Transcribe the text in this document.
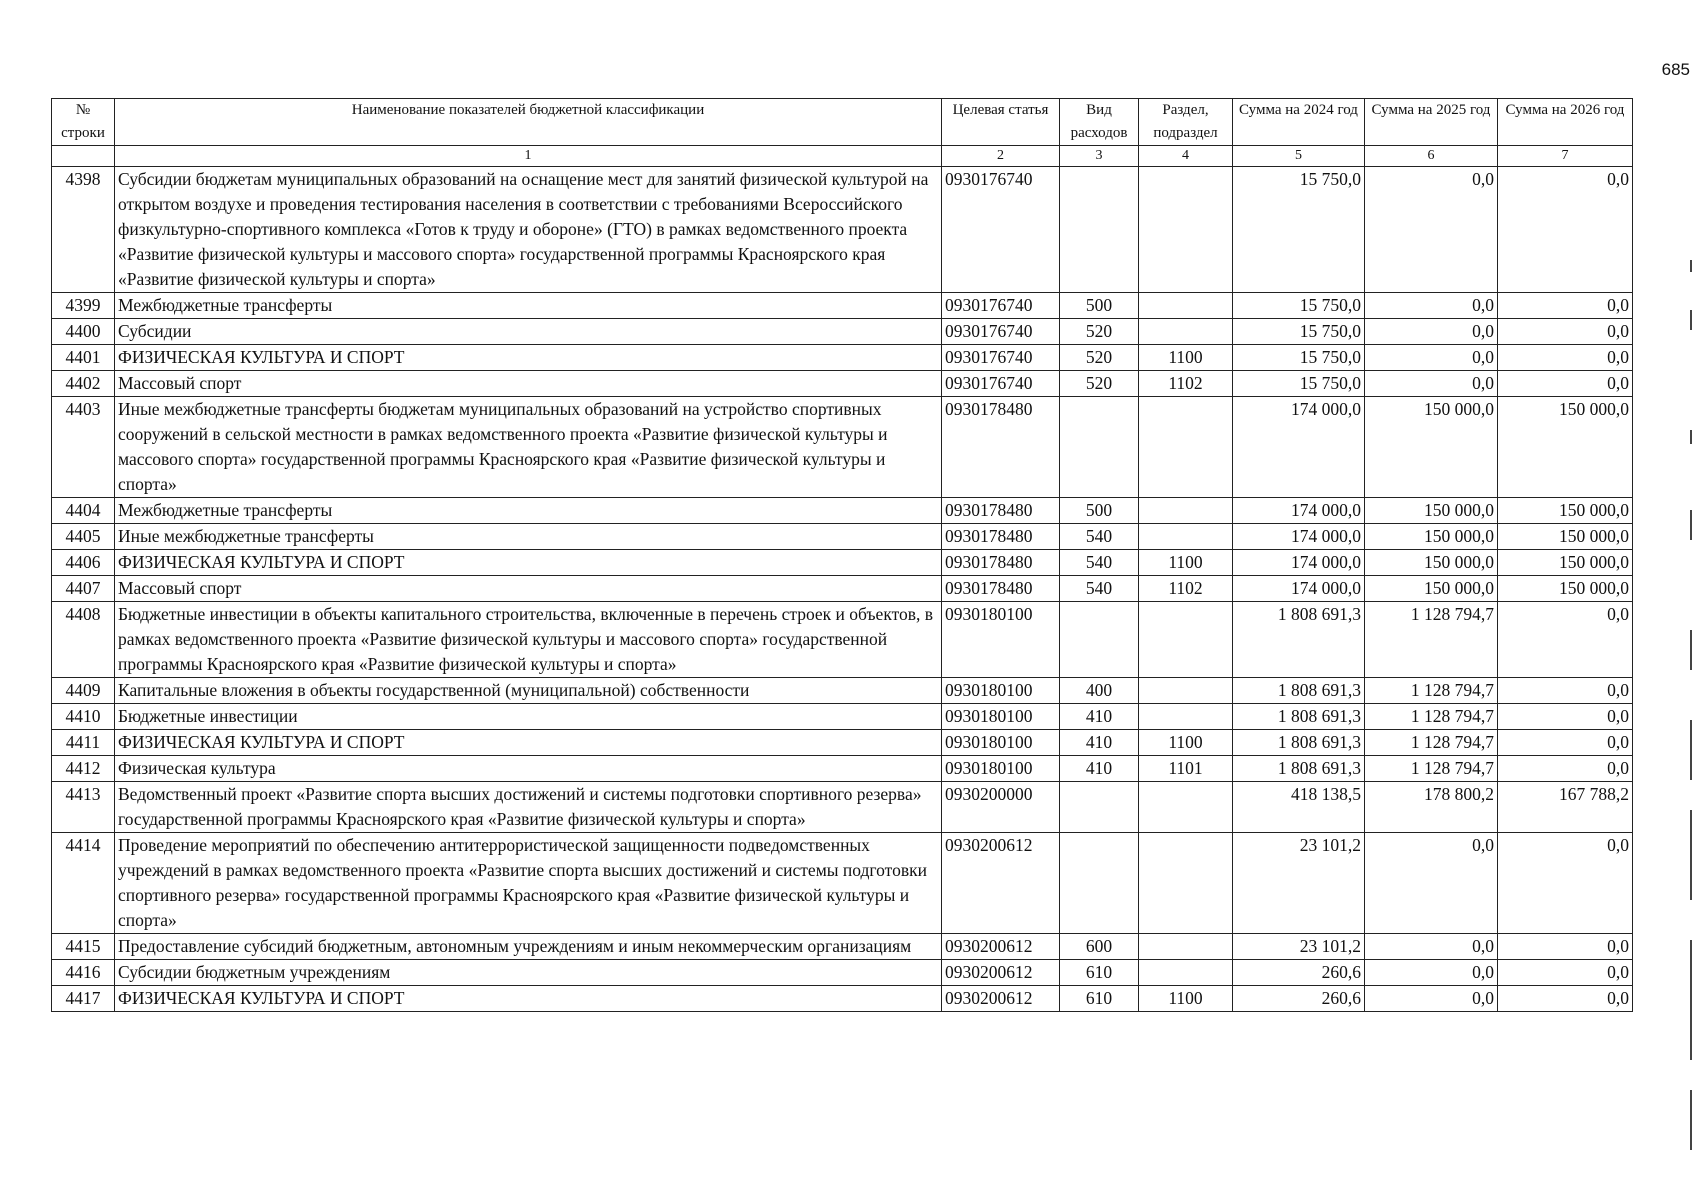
685
№ строки	Наименование показателей бюджетной классификации	Целевая статья	Вид расходов	Раздел, подраздел	Сумма на 2024 год	Сумма на 2025 год	Сумма на 2026 год
	1	2	3	4	5	6	7
4398	Субсидии бюджетам муниципальных образований на оснащение мест для занятий физической культурой на открытом воздухе и проведения тестирования населения в соответствии с требованиями Всероссийского физкультурно-спортивного комплекса «Готов к труду и обороне» (ГТО) в рамках ведомственного проекта «Развитие физической культуры и массового спорта» государственной программы Красноярского края «Развитие физической культуры и спорта»	0930176740			15 750,0	0,0	0,0
4399	Межбюджетные трансферты	0930176740	500		15 750,0	0,0	0,0
4400	Субсидии	0930176740	520		15 750,0	0,0	0,0
4401	ФИЗИЧЕСКАЯ КУЛЬТУРА И СПОРТ	0930176740	520	1100	15 750,0	0,0	0,0
4402	Массовый спорт	0930176740	520	1102	15 750,0	0,0	0,0
4403	Иные межбюджетные трансферты бюджетам муниципальных образований на устройство спортивных сооружений в сельской местности в рамках ведомственного проекта «Развитие физической культуры и массового спорта» государственной программы Красноярского края «Развитие физической культуры и спорта»	0930178480			174 000,0	150 000,0	150 000,0
4404	Межбюджетные трансферты	0930178480	500		174 000,0	150 000,0	150 000,0
4405	Иные межбюджетные трансферты	0930178480	540		174 000,0	150 000,0	150 000,0
4406	ФИЗИЧЕСКАЯ КУЛЬТУРА И СПОРТ	0930178480	540	1100	174 000,0	150 000,0	150 000,0
4407	Массовый спорт	0930178480	540	1102	174 000,0	150 000,0	150 000,0
4408	Бюджетные инвестиции в объекты капитального строительства, включенные в перечень строек и объектов, в рамках ведомственного проекта «Развитие физической культуры и массового спорта» государственной программы Красноярского края «Развитие физической культуры и спорта»	0930180100			1 808 691,3	1 128 794,7	0,0
4409	Капитальные вложения в объекты государственной (муниципальной) собственности	0930180100	400		1 808 691,3	1 128 794,7	0,0
4410	Бюджетные инвестиции	0930180100	410		1 808 691,3	1 128 794,7	0,0
4411	ФИЗИЧЕСКАЯ КУЛЬТУРА И СПОРТ	0930180100	410	1100	1 808 691,3	1 128 794,7	0,0
4412	Физическая культура	0930180100	410	1101	1 808 691,3	1 128 794,7	0,0
4413	Ведомственный проект «Развитие спорта высших достижений и системы подготовки спортивного резерва» государственной программы Красноярского края «Развитие физической культуры и спорта»	0930200000			418 138,5	178 800,2	167 788,2
4414	Проведение мероприятий по обеспечению антитеррористической защищенности подведомственных учреждений в рамках ведомственного проекта «Развитие спорта высших достижений и системы подготовки спортивного резерва» государственной программы Красноярского края «Развитие физической культуры и спорта»	0930200612			23 101,2	0,0	0,0
4415	Предоставление субсидий бюджетным, автономным учреждениям и иным некоммерческим организациям	0930200612	600		23 101,2	0,0	0,0
4416	Субсидии бюджетным учреждениям	0930200612	610		260,6	0,0	0,0
4417	ФИЗИЧЕСКАЯ КУЛЬТУРА И СПОРТ	0930200612	610	1100	260,6	0,0	0,0
